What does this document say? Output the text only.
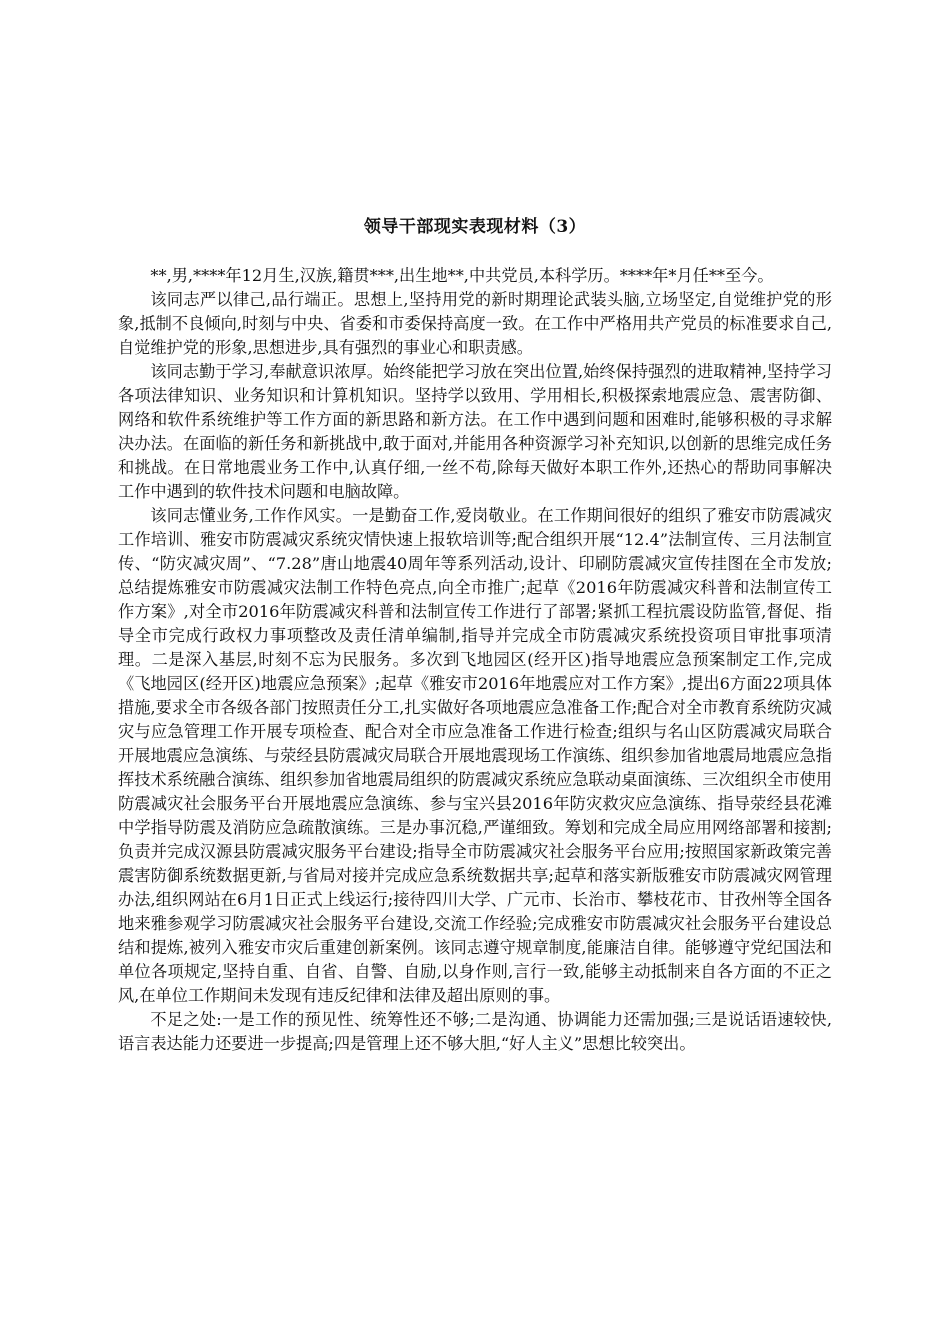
领导干部现实表现材料（3）

**,男,****年12月生,汉族,籍贯***,出生地**,中共党员,本科学历。****年*月任**至今。

该同志严以律己,品行端正。思想上,坚持用党的新时期理论武装头脑,立场坚定,自觉维护党的形象,抵制不良倾向,时刻与中央、省委和市委保持高度一致。在工作中严格用共产党员的标准要求自己,自觉维护党的形象,思想进步,具有强烈的事业心和职责感。

该同志勤于学习,奉献意识浓厚。始终能把学习放在突出位置,始终保持强烈的进取精神,坚持学习各项法律知识、业务知识和计算机知识。坚持学以致用、学用相长,积极探索地震应急、震害防御、网络和软件系统维护等工作方面的新思路和新方法。在工作中遇到问题和困难时,能够积极的寻求解决办法。在面临的新任务和新挑战中,敢于面对,并能用各种资源学习补充知识,以创新的思维完成任务和挑战。在日常地震业务工作中,认真仔细,一丝不苟,除每天做好本职工作外,还热心的帮助同事解决工作中遇到的软件技术问题和电脑故障。

该同志懂业务,工作作风实。一是勤奋工作,爱岗敬业。在工作期间很好的组织了雅安市防震减灾工作培训、雅安市防震减灾系统灾情快速上报软培训等;配合组织开展“12.4”法制宣传、三月法制宣传、“防灾减灾周”、“7.28”唐山地震40周年等系列活动,设计、印刷防震减灾宣传挂图在全市发放;总结提炼雅安市防震减灾法制工作特色亮点,向全市推广;起草《2016年防震减灾科普和法制宣传工作方案》,对全市2016年防震减灾科普和法制宣传工作进行了部署;紧抓工程抗震设防监管,督促、指导全市完成行政权力事项整改及责任清单编制,指导并完成全市防震减灾系统投资项目审批事项清理。二是深入基层,时刻不忘为民服务。多次到飞地园区(经开区)指导地震应急预案制定工作,完成《飞地园区(经开区)地震应急预案》;起草《雅安市2016年地震应对工作方案》,提出6方面22项具体措施,要求全市各级各部门按照责任分工,扎实做好各项地震应急准备工作;配合对全市教育系统防灾减灾与应急管理工作开展专项检查、配合对全市应急准备工作进行检查;组织与名山区防震减灾局联合开展地震应急演练、与荥经县防震减灾局联合开展地震现场工作演练、组织参加省地震局地震应急指挥技术系统融合演练、组织参加省地震局组织的防震减灾系统应急联动桌面演练、三次组织全市使用防震减灾社会服务平台开展地震应急演练、参与宝兴县2016年防灾救灾应急演练、指导荥经县花滩中学指导防震及消防应急疏散演练。三是办事沉稳,严谨细致。筹划和完成全局应用网络部署和接割;负责并完成汉源县防震减灾服务平台建设;指导全市防震减灾社会服务平台应用;按照国家新政策完善震害防御系统数据更新,与省局对接并完成应急系统数据共享;起草和落实新版雅安市防震减灾网管理办法,组织网站在6月1日正式上线运行;接待四川大学、广元市、长治市、攀枝花市、甘孜州等全国各地来雅参观学习防震减灾社会服务平台建设,交流工作经验;完成雅安市防震减灾社会服务平台建设总结和提炼,被列入雅安市灾后重建创新案例。该同志遵守规章制度,能廉洁自律。能够遵守党纪国法和单位各项规定,坚持自重、自省、自警、自励,以身作则,言行一致,能够主动抵制来自各方面的不正之风,在单位工作期间未发现有违反纪律和法律及超出原则的事。

不足之处:一是工作的预见性、统筹性还不够;二是沟通、协调能力还需加强;三是说话语速较快,语言表达能力还要进一步提高;四是管理上还不够大胆,“好人主义”思想比较突出。
